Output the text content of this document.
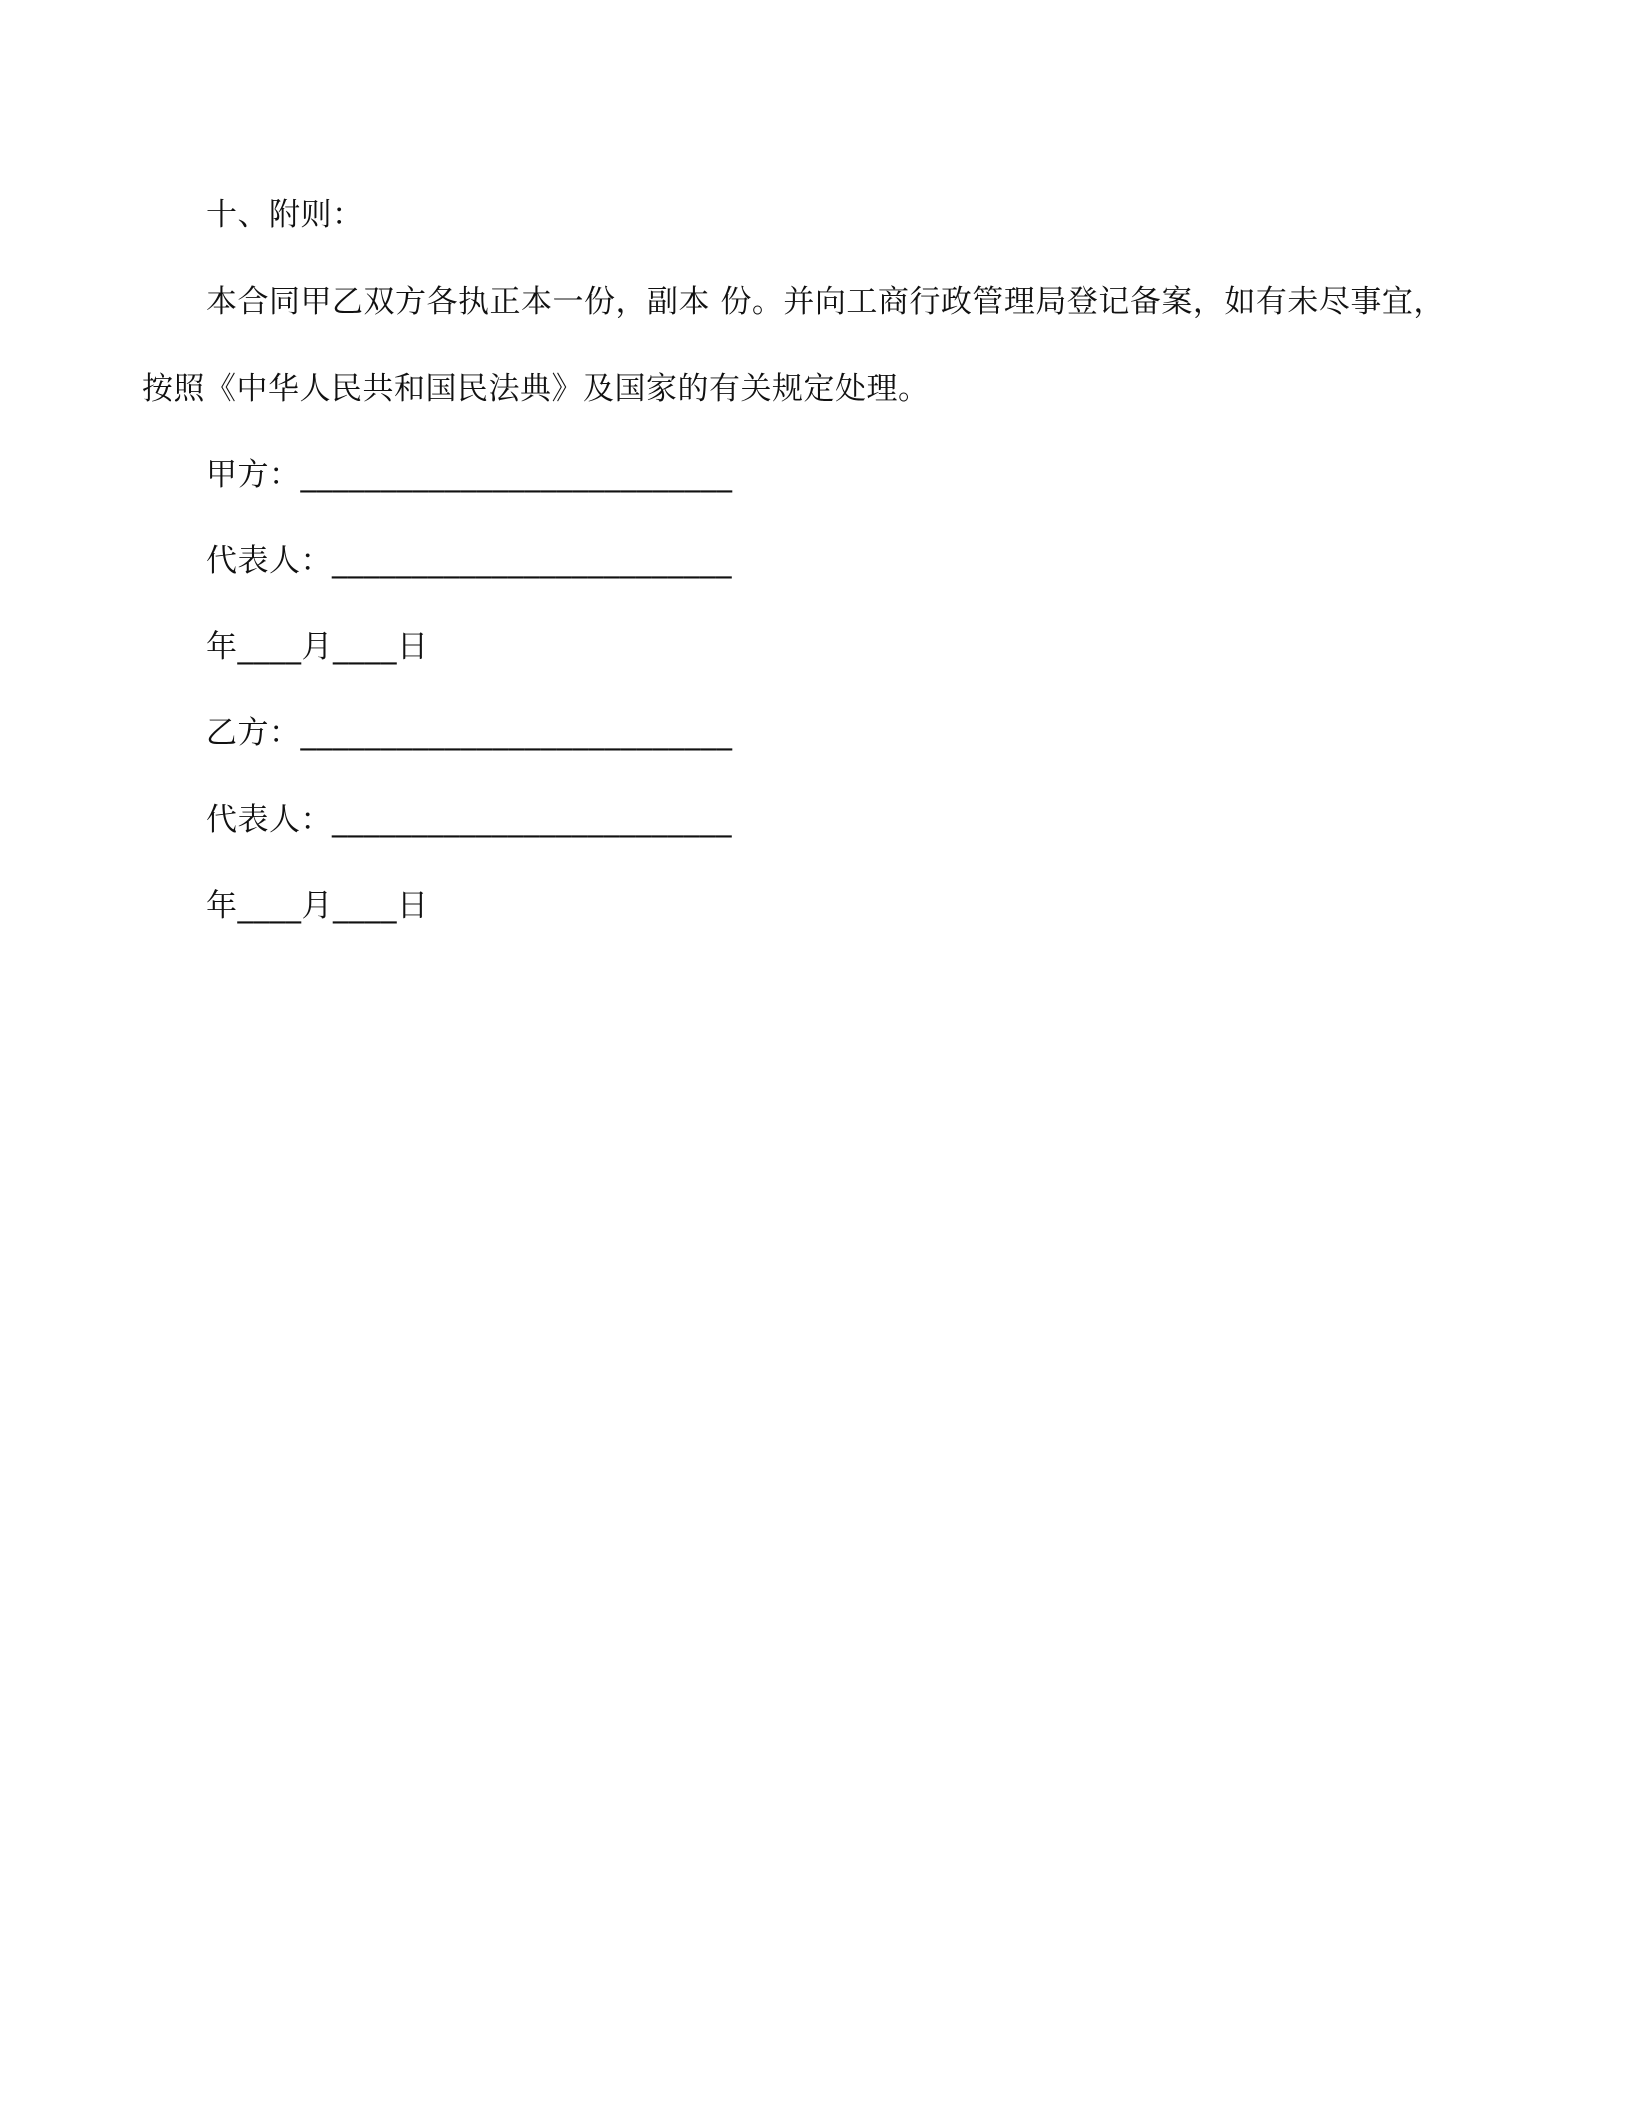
十、附则：
本合同甲乙双方各执正本一份，副本 份。并向工商行政管理局登记备案，如有未尽事宜，
按照《中华人民共和国民法典》及国家的有关规定处理。
甲方：___________________________
代表人：_________________________
年____月____日
乙方：___________________________
代表人：_________________________
年____月____日
